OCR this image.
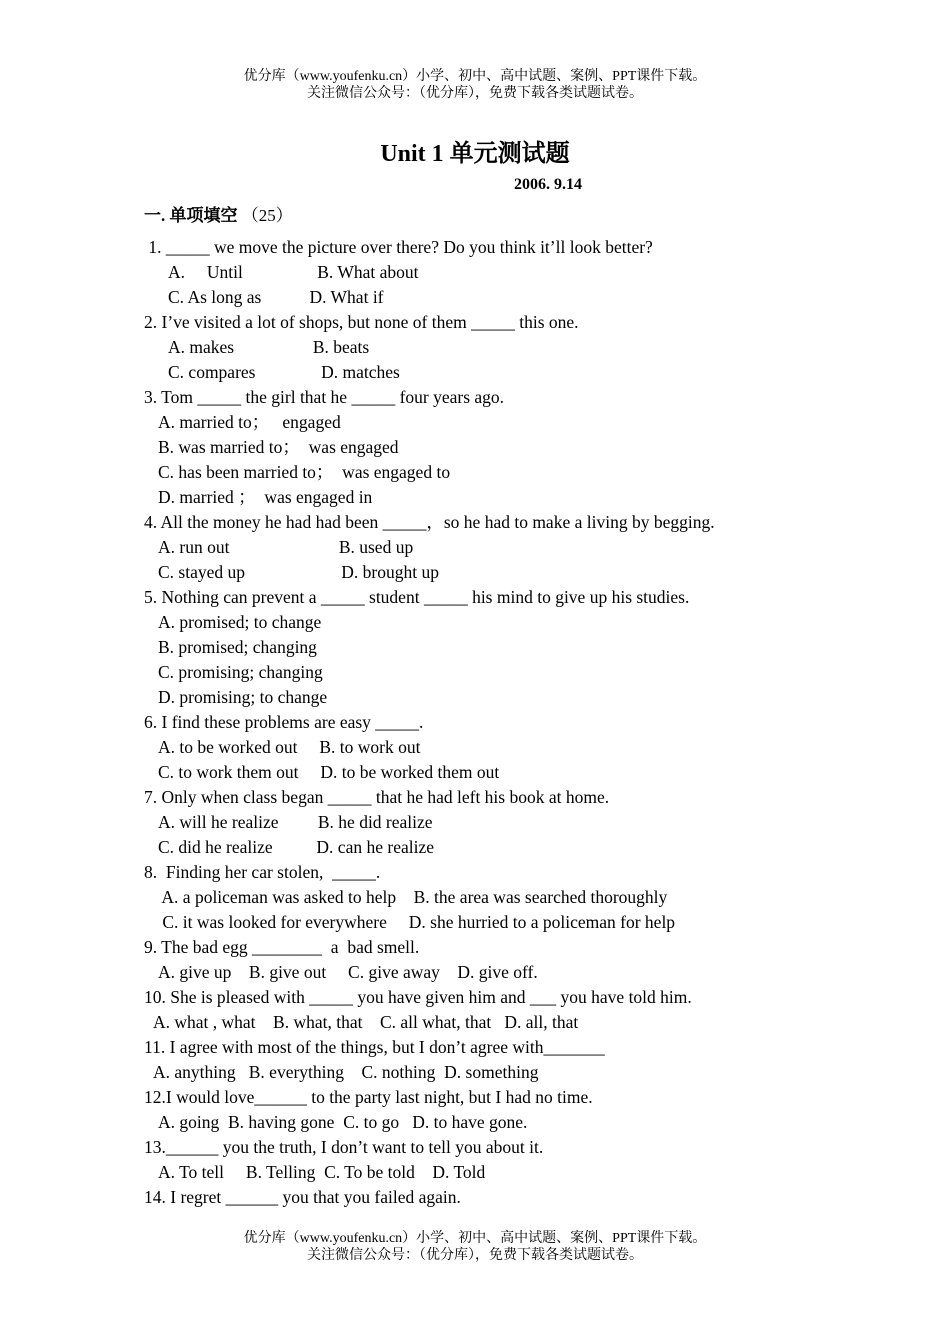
优分库（www.youfenku.cn）小学、初中、高中试题、案例、PPT课件下载。
关注微信公众号：（优分库），免费下载各类试题试卷。
Unit 1 单元测试题
2006. 9.14
一. 单项填空 （25）
1. _____ we move the picture over there? Do you think it’ll look better?
A.     Until                 B. What about
C. As long as           D. What if
2. I’ve visited a lot of shops, but none of them _____ this one.
A. makes                  B. beats
C. compares               D. matches
3. Tom _____ the girl that he _____ four years ago.
A. married to；   engaged
B. was married to；  was engaged
C. has been married to；  was engaged to
D. married ；  was engaged in
4. All the money he had had been _____，so he had to make a living by begging.
A. run out                         B. used up
C. stayed up                      D. brought up
5. Nothing can prevent a _____ student _____ his mind to give up his studies.
A. promised; to change
B. promised; changing
C. promising; changing
D. promising; to change
6. I find these problems are easy _____.
A. to be worked out     B. to work out
C. to work them out     D. to be worked them out
7. Only when class began _____ that he had left his book at home.
A. will he realize         B. he did realize
C. did he realize          D. can he realize
8.  Finding her car stolen,  _____.
A. a policeman was asked to help    B. the area was searched thoroughly
C. it was looked for everywhere     D. she hurried to a policeman for help
9. The bad egg ________  a  bad smell.
A. give up    B. give out     C. give away    D. give off.
10. She is pleased with _____ you have given him and ___ you have told him.
A. what , what    B. what, that    C. all what, that   D. all, that
11. I agree with most of the things, but I don’t agree with_______
A. anything   B. everything    C. nothing  D. something
12.I would love______ to the party last night, but I had no time.
A. going  B. having gone  C. to go   D. to have gone.
13.______ you the truth, I don’t want to tell you about it.
A. To tell     B. Telling  C. To be told    D. Told
14. I regret ______ you that you failed again.
优分库（www.youfenku.cn）小学、初中、高中试题、案例、PPT课件下载。
关注微信公众号：（优分库），免费下载各类试题试卷。
